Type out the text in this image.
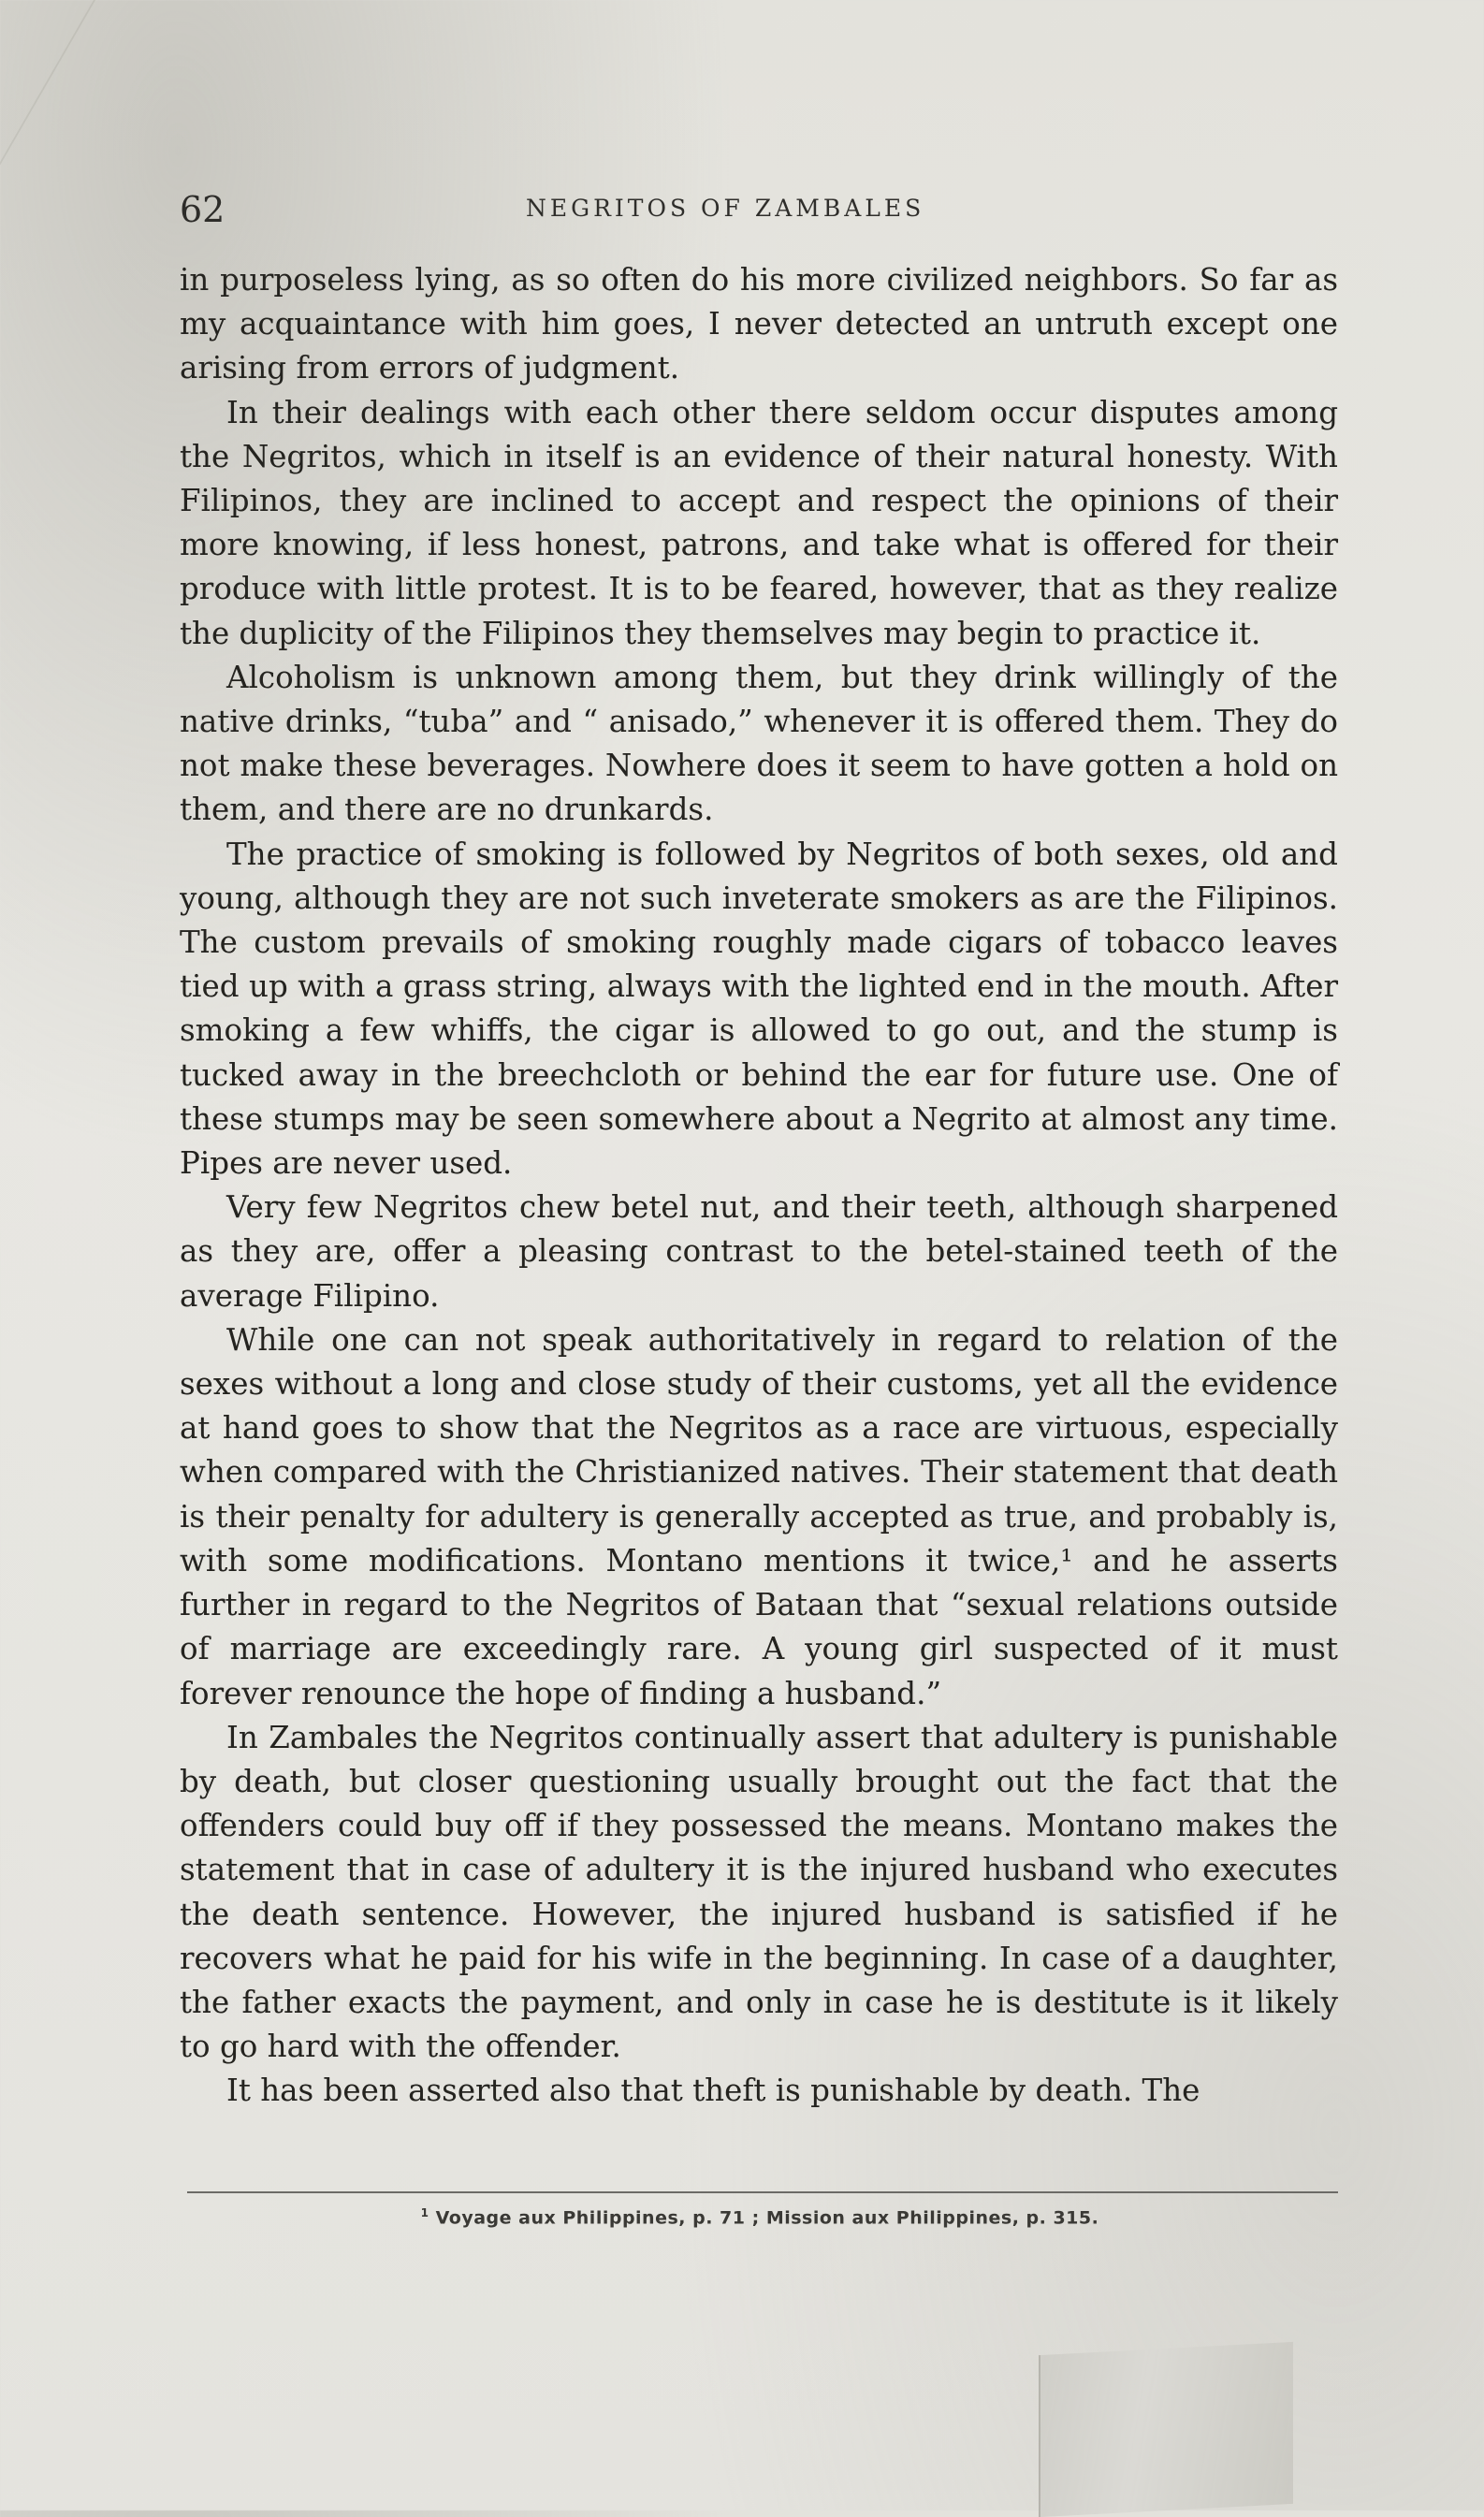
62	NEGRITOS OF ZAMBALES

in purposeless lying, as so often do his more civilized neighbors. So far as my acquaintance with him goes, I never detected an untruth except one arising from errors of judgment.

In their dealings with each other there seldom occur disputes among the Negritos, which in itself is an evidence of their natural honesty. With Filipinos, they are inclined to accept and respect the opinions of their more knowing, if less honest, patrons, and take what is offered for their produce with little protest. It is to be feared, however, that as they realize the duplicity of the Filipinos they themselves may begin to practice it.

Alcoholism is unknown among them, but they drink willingly of the native drinks, “tuba” and “ anisado,” whenever it is offered them. They do not make these beverages. Nowhere does it seem to have gotten a hold on them, and there are no drunkards.

The practice of smoking is followed by Negritos of both sexes, old and young, although they are not such inveterate smokers as are the Filipinos. The custom prevails of smoking roughly made cigars of tobacco leaves tied up with a grass string, always with the lighted end in the mouth. After smoking a few whiffs, the cigar is allowed to go out, and the stump is tucked away in the breechcloth or behind the ear for future use. One of these stumps may be seen somewhere about a Negrito at almost any time. Pipes are never used.

Very few Negritos chew betel nut, and their teeth, although sharpened as they are, offer a pleasing contrast to the betel-stained teeth of the average Filipino.

While one can not speak authoritatively in regard to relation of the sexes without a long and close study of their customs, yet all the evidence at hand goes to show that the Negritos as a race are virtuous, especially when compared with the Christianized natives. Their statement that death is their penalty for adultery is generally accepted as true, and probably is, with some modifications. Montano mentions it twice,¹ and he asserts further in regard to the Negritos of Bataan that “sexual relations outside of marriage are exceedingly rare. A young girl suspected of it must forever renounce the hope of finding a husband.”

In Zambales the Negritos continually assert that adultery is punishable by death, but closer questioning usually brought out the fact that the offenders could buy off if they possessed the means. Montano makes the statement that in case of adultery it is the injured husband who executes the death sentence. However, the injured husband is satisfied if he recovers what he paid for his wife in the beginning. In case of a daughter, the father exacts the payment, and only in case he is destitute is it likely to go hard with the offender.

It has been asserted also that theft is punishable by death. The

$^1$ Voyage aux Philippines, p. 71 ; Mission aux Philippines, p. 315.
